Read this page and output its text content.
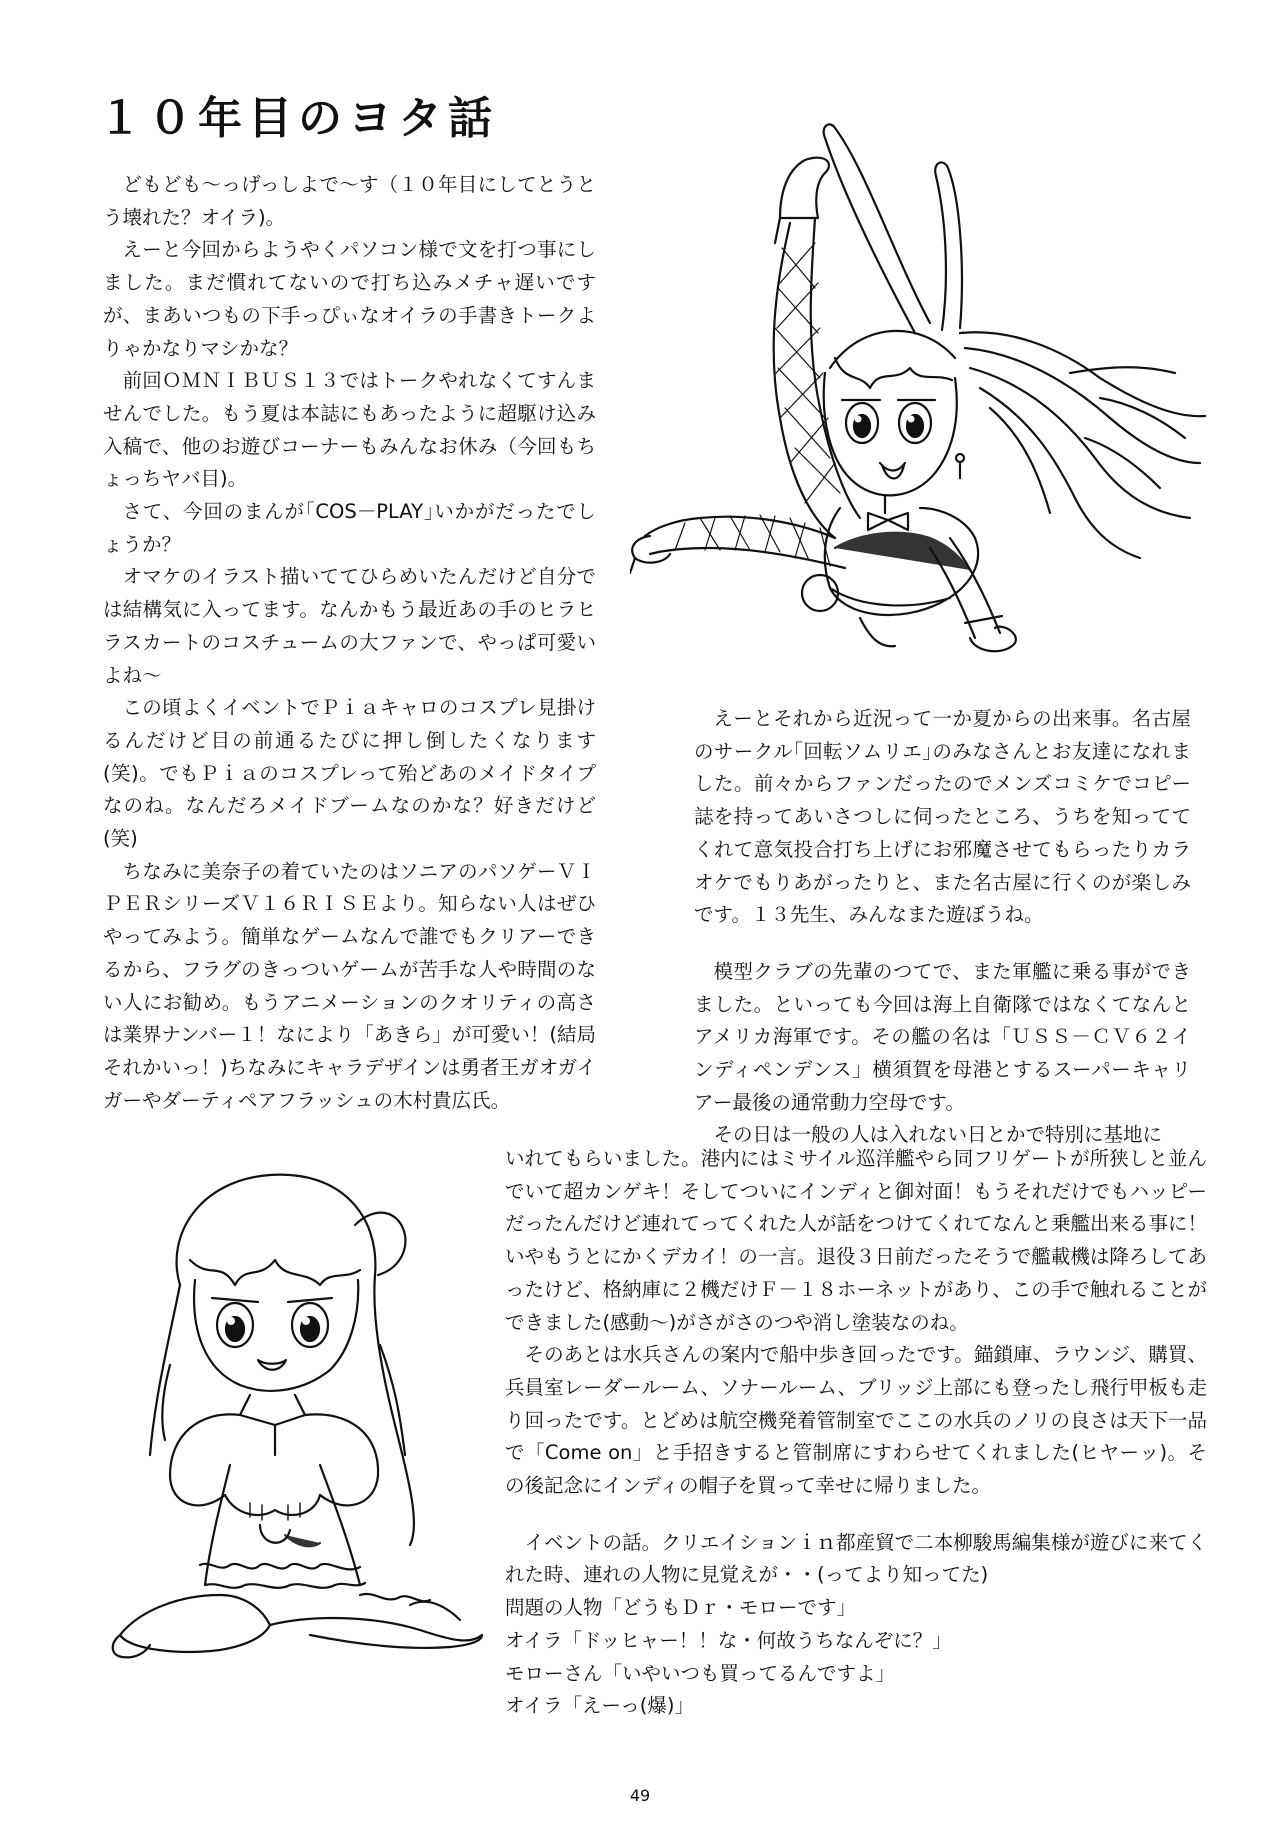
１０年目のヨタ話

どもども～っげっしよで～す（１０年目にしてとうとう壊れた？オイラ)。

えーと今回からようやくパソコン様で文を打つ事にしました。まだ慣れてないので打ち込みメチャ遅いですが、まあいつもの下手っぴぃなオイラの手書きトークよりゃかなりマシかな？

前回ＯＭＮＩＢＵＳ１３ではトークやれなくてすんませんでした。もう夏は本誌にもあったように超駆け込み入稿で、他のお遊びコーナーもみんなお休み（今回もちょっちヤバ目)。

さて、今回のまんが｢COS－PLAY｣いかがだったでしょうか？

オマケのイラスト描いててひらめいたんだけど自分では結構気に入ってます。なんかもう最近あの手のヒラヒラスカートのコスチュームの大ファンで、やっぱ可愛いよね～

この頃よくイベントでＰｉａキャロのコスプレ見掛けるんだけど目の前通るたびに押し倒したくなります(笑)。でもＰｉａのコスプレって殆どあのメイドタイプなのね。なんだろメイドブームなのかな？好きだけど(笑)

ちなみに美奈子の着ていたのはソニアのパソゲーＶＩＰＥＲシリーズＶ１６ＲＩＳＥより。知らない人はぜひやってみよう。簡単なゲームなんで誰でもクリアーできるから、フラグのきっついゲームが苦手な人や時間のない人にお勧め。もうアニメーションのクオリティの高さは業界ナンバー１！なにより「あきら」が可愛い！(結局それかいっ！)ちなみにキャラデザインは勇者王ガオガイガーやダーティペアフラッシュの木村貴広氏。

えーとそれから近況って一か夏からの出来事。名古屋のサークル｢回転ソムリエ｣のみなさんとお友達になれました。前々からファンだったのでメンズコミケでコピー誌を持ってあいさつしに伺ったところ、うちを知っててくれて意気投合打ち上げにお邪魔させてもらったりカラオケでもりあがったりと、また名古屋に行くのが楽しみです。１３先生、みんなまた遊ぼうね。

模型クラブの先輩のつてで、また軍艦に乗る事ができました。といっても今回は海上自衛隊ではなくてなんとアメリカ海軍です。その艦の名は「ＵＳＳ－ＣＶ６２インディペンデンス」横須賀を母港とするスーパーキャリアー最後の通常動力空母です。

その日は一般の人は入れない日とかで特別に基地に

いれてもらいました。港内にはミサイル巡洋艦やら同フリゲートが所狭しと並んでいて超カンゲキ！そしてついにインディと御対面！もうそれだけでもハッピーだったんだけど連れてってくれた人が話をつけてくれてなんと乗艦出来る事に！いやもうとにかくデカイ！の一言。退役３日前だったそうで艦載機は降ろしてあったけど、格納庫に２機だけＦ－１８ホーネットがあり、この手で触れることができました(感動～)がさがさのつや消し塗装なのね。

そのあとは水兵さんの案内で船中歩き回ったです。錨鎖庫、ラウンジ、購買、兵員室レーダールーム、ソナールーム、ブリッジ上部にも登ったし飛行甲板も走り回ったです。とどめは航空機発着管制室でここの水兵のノリの良さは天下一品で「Come on」と手招きすると管制席にすわらせてくれました(ヒヤーッ)。その後記念にインディの帽子を買って幸せに帰りました。

イベントの話。クリエイションｉｎ都産貿で二本柳駿馬編集様が遊びに来てくれた時、連れの人物に見覚えが・・(ってより知ってた)

問題の人物「どうもＤｒ・モローです」

オイラ「ドッヒャー！！な・何故うちなんぞに？」

モローさん「いやいつも買ってるんですよ」

オイラ「えーっ(爆)」

49
